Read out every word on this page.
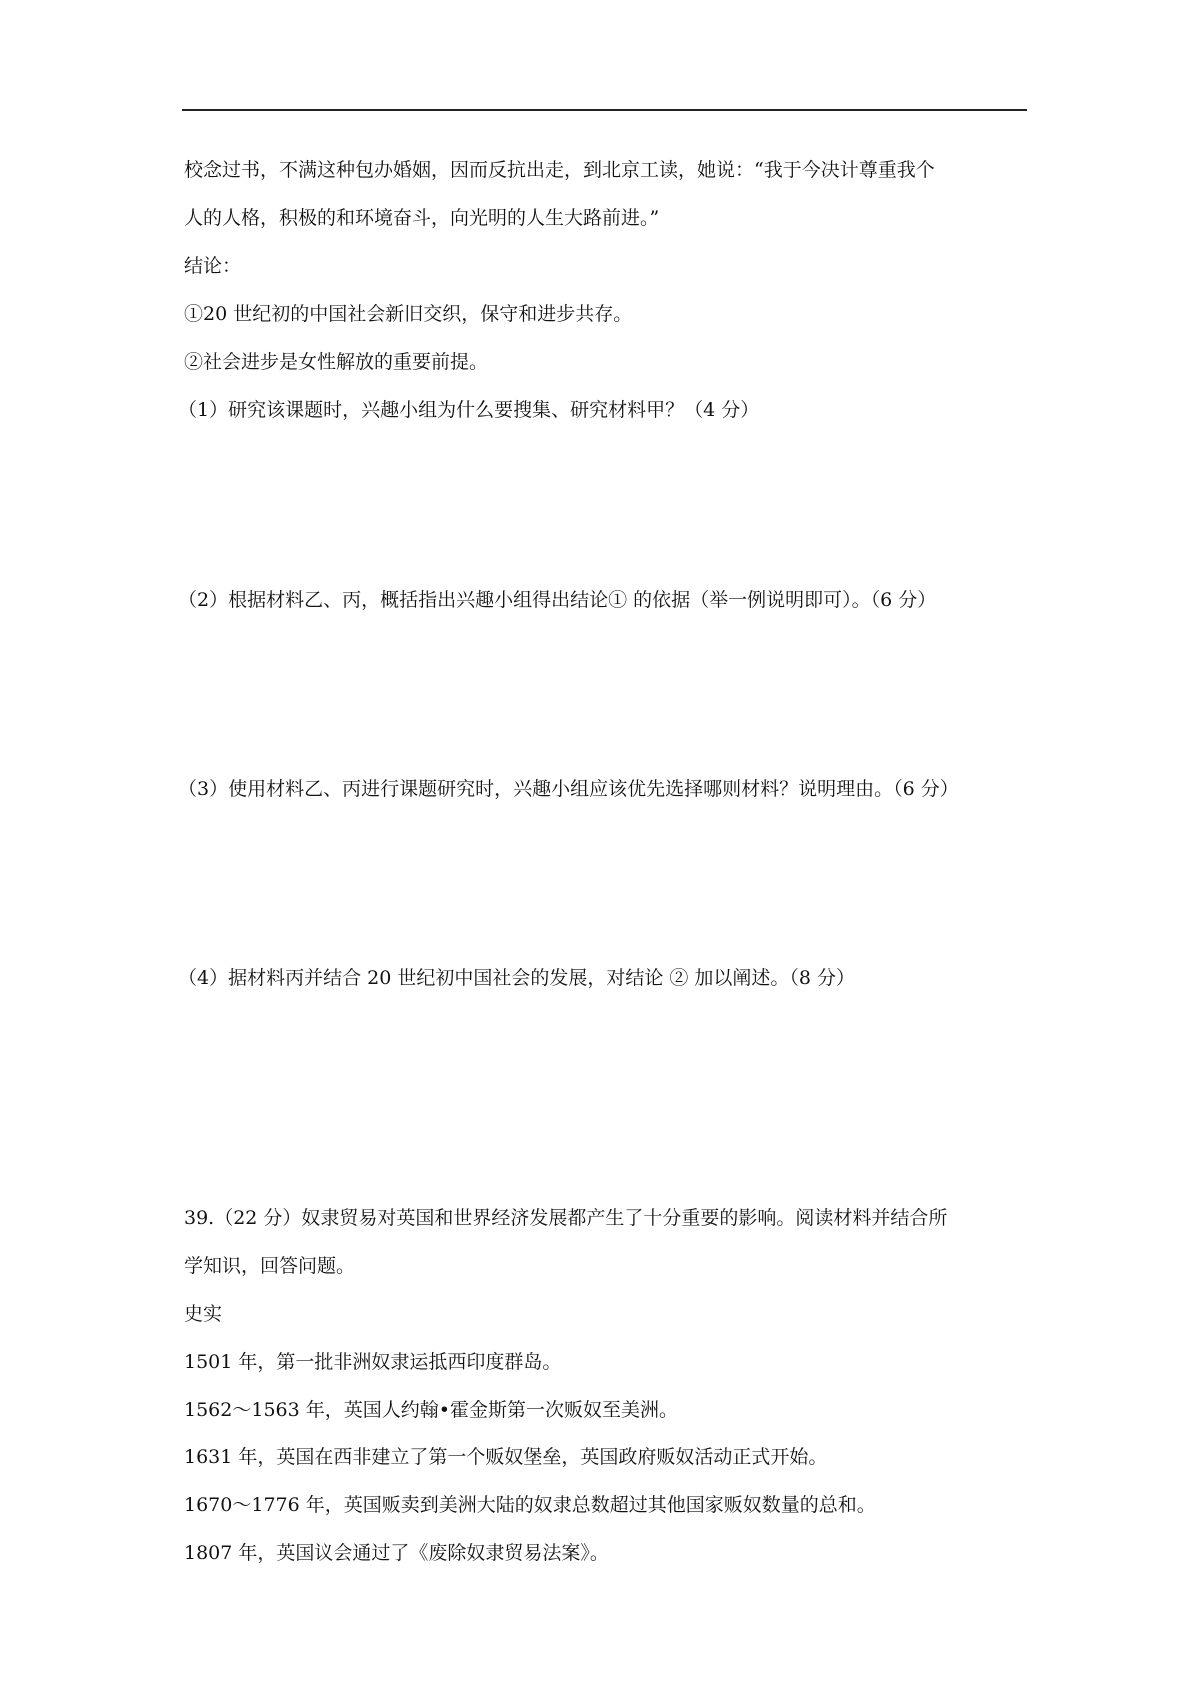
校念过书，不满这种包办婚姻，因而反抗出走，到北京工读，她说：“我于今决计尊重我个
人的人格，积极的和环境奋斗，向光明的人生大路前进。”
结论：
①20 世纪初的中国社会新旧交织，保守和进步共存。
②社会进步是女性解放的重要前提。
（1）研究该课题时，兴趣小组为什么要搜集、研究材料甲？（4 分）
（2）根据材料乙、丙，概括指出兴趣小组得出结论① 的依据（举一例说明即可）。（6 分）
（3）使用材料乙、丙进行课题研究时，兴趣小组应该优先选择哪则材料？说明理由。（6 分）
（4）据材料丙并结合 20 世纪初中国社会的发展，对结论 ② 加以阐述。（8 分）
39.（22 分）奴隶贸易对英国和世界经济发展都产生了十分重要的影响。阅读材料并结合所
学知识，回答问题。
史实
1501 年，第一批非洲奴隶运抵西印度群岛。
1562～1563 年，英国人约翰•霍金斯第一次贩奴至美洲。
1631 年，英国在西非建立了第一个贩奴堡垒，英国政府贩奴活动正式开始。
1670～1776 年，英国贩卖到美洲大陆的奴隶总数超过其他国家贩奴数量的总和。
1807 年，英国议会通过了《废除奴隶贸易法案》。
